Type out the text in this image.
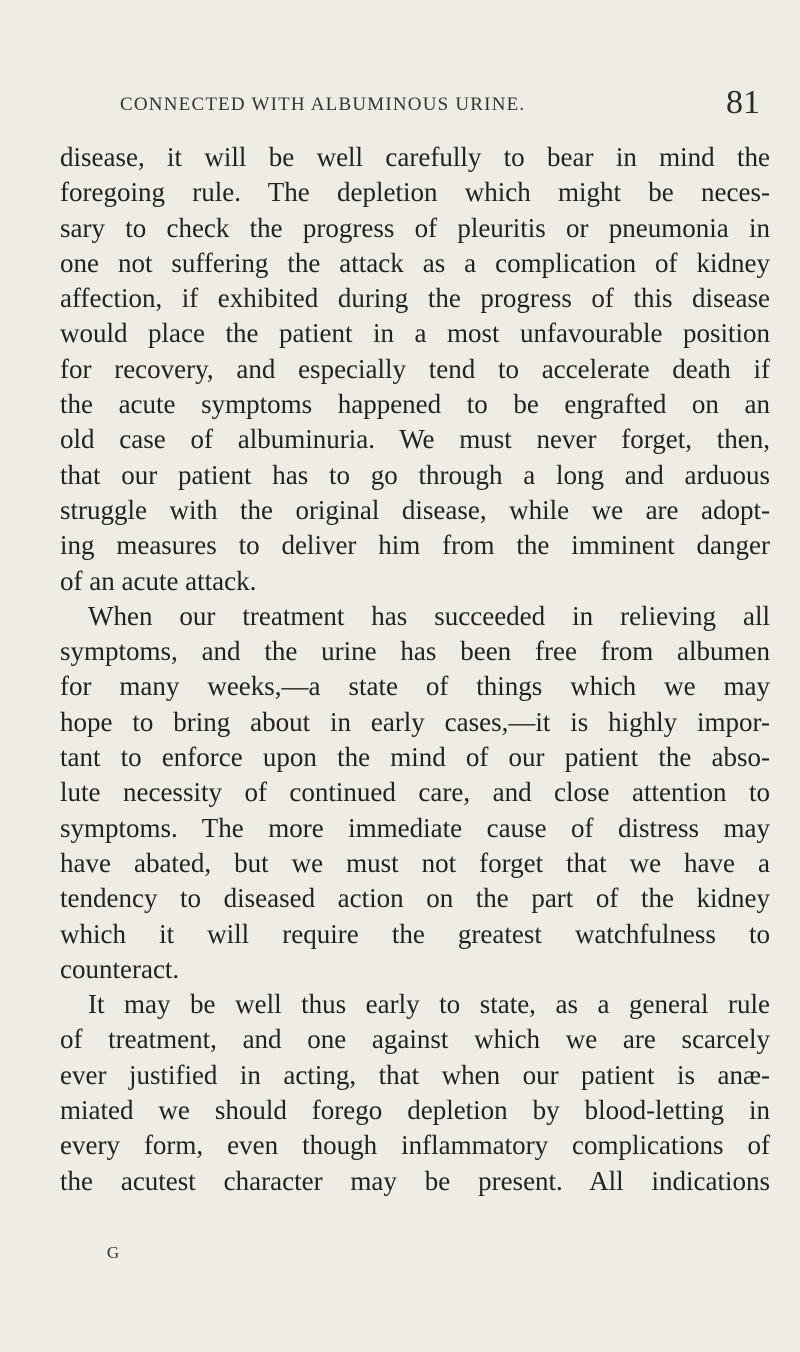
CONNECTED WITH ALBUMINOUS URINE.	81
disease, it will be well carefully to bear in mind the
foregoing rule. The depletion which might be neces-
sary to check the progress of pleuritis or pneumonia in
one not suffering the attack as a complication of kidney
affection, if exhibited during the progress of this disease
would place the patient in a most unfavourable position
for recovery, and especially tend to accelerate death if
the acute symptoms happened to be engrafted on an
old case of albuminuria. We must never forget, then,
that our patient has to go through a long and arduous
struggle with the original disease, while we are adopt-
ing measures to deliver him from the imminent danger
of an acute attack.
When our treatment has succeeded in relieving all
symptoms, and the urine has been free from albumen
for many weeks,—a state of things which we may
hope to bring about in early cases,—it is highly impor-
tant to enforce upon the mind of our patient the abso-
lute necessity of continued care, and close attention to
symptoms. The more immediate cause of distress may
have abated, but we must not forget that we have a
tendency to diseased action on the part of the kidney
which it will require the greatest watchfulness to
counteract.
It may be well thus early to state, as a general rule
of treatment, and one against which we are scarcely
ever justified in acting, that when our patient is anæ-
miated we should forego depletion by blood-letting in
every form, even though inflammatory complications of
the acutest character may be present. All indications
G
